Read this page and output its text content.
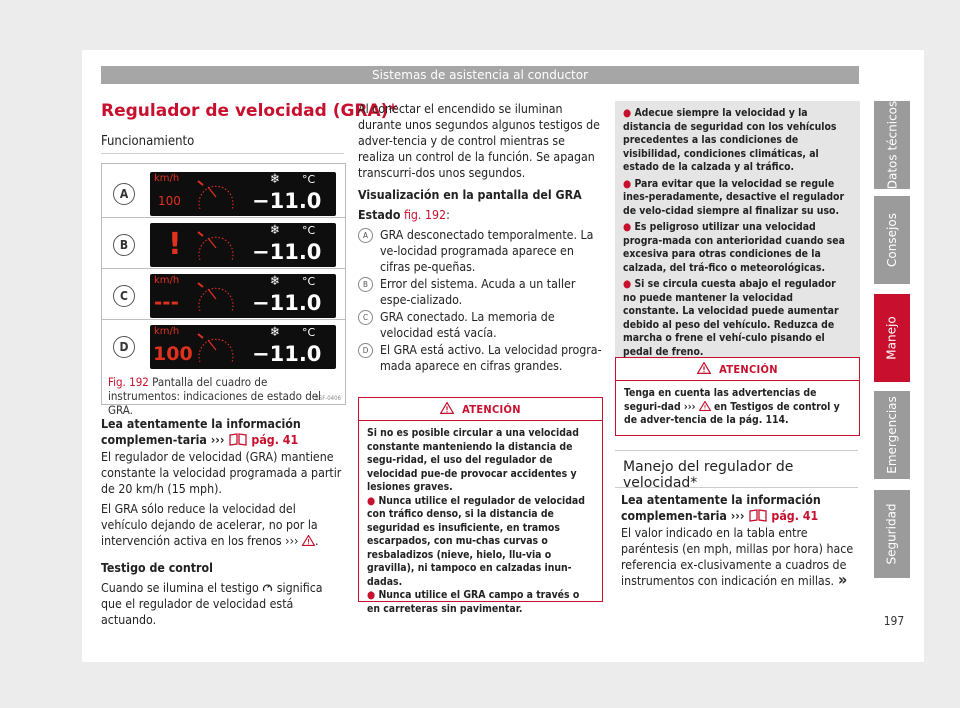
Sistemas de asistencia al conductor
Regulador de velocidad (GRA)*
Funcionamiento
B5F-0406
A
km/h
100
❄ °C
−11.0
B !	❄ °C
−11.0
C
km/h
---
❄ °C
−11.0
D
km/h
100
❄ °C
−11.0
Fig. 192 Pantalla del cuadro de instrumentos: indicaciones de estado del GRA.
Lea atentamente la información complemen-taria ››› pág. 41
El regulador de velocidad (GRA) mantiene constante la velocidad programada a partir de 20 km/h (15 mph).
El GRA sólo reduce la velocidad del vehículo dejando de acelerar, no por la intervención activa en los frenos ››› .
Testigo de control
Cuando se ilumina el testigo significa que el regulador de velocidad está actuando.
Al conectar el encendido se iluminan durante unos segundos algunos testigos de adver-tencia y de control mientras se realiza un control de la función. Se apagan transcurri-dos unos segundos.
Visualización en la pantalla del GRA
Estado fig. 192:
A GRA desconectado temporalmente. La ve-locidad programada aparece en cifras pe-queñas.
B Error del sistema. Acuda a un taller espe-cializado.
C GRA conectado. La memoria de velocidad está vacía.
D El GRA está activo. La velocidad progra-mada aparece en cifras grandes.
ATENCIÓN
Si no es posible circular a una velocidad constante manteniendo la distancia de segu-ridad, el uso del regulador de velocidad pue-de provocar accidentes y lesiones graves.
● Nunca utilice el regulador de velocidad con tráfico denso, si la distancia de seguridad es insuficiente, en tramos escarpados, con mu-chas curvas o resbaladizos (nieve, hielo, llu-via o gravilla), ni tampoco en calzadas inun-dadas.
● Nunca utilice el GRA campo a través o en carreteras sin pavimentar.
● Adecue siempre la velocidad y la distancia de seguridad con los vehículos precedentes a las condiciones de visibilidad, condiciones climáticas, al estado de la calzada y al tráfico.
● Para evitar que la velocidad se regule ines-peradamente, desactive el regulador de velo-cidad siempre al finalizar su uso.
● Es peligroso utilizar una velocidad progra-mada con anterioridad cuando sea excesiva para otras condiciones de la calzada, del trá-fico o meteorológicas.
● Si se circula cuesta abajo el regulador no puede mantener la velocidad constante. La velocidad puede aumentar debido al peso del vehículo. Reduzca de marcha o frene el vehí-culo pisando el pedal de freno.
ATENCIÓN
Tenga en cuenta las advertencias de seguri-dad ›››  en Testigos de control y de adver-tencia de la pág. 114.
Manejo del regulador de velocidad*
Lea atentamente la información complemen-taria ››› pág. 41
El valor indicado en la tabla entre paréntesis (en mph, millas por hora) hace referencia ex-clusivamente a cuadros de instrumentos con indicación en millas. »
Datos técnicos
Consejos
Manejo
Emergencias
Seguridad
197
